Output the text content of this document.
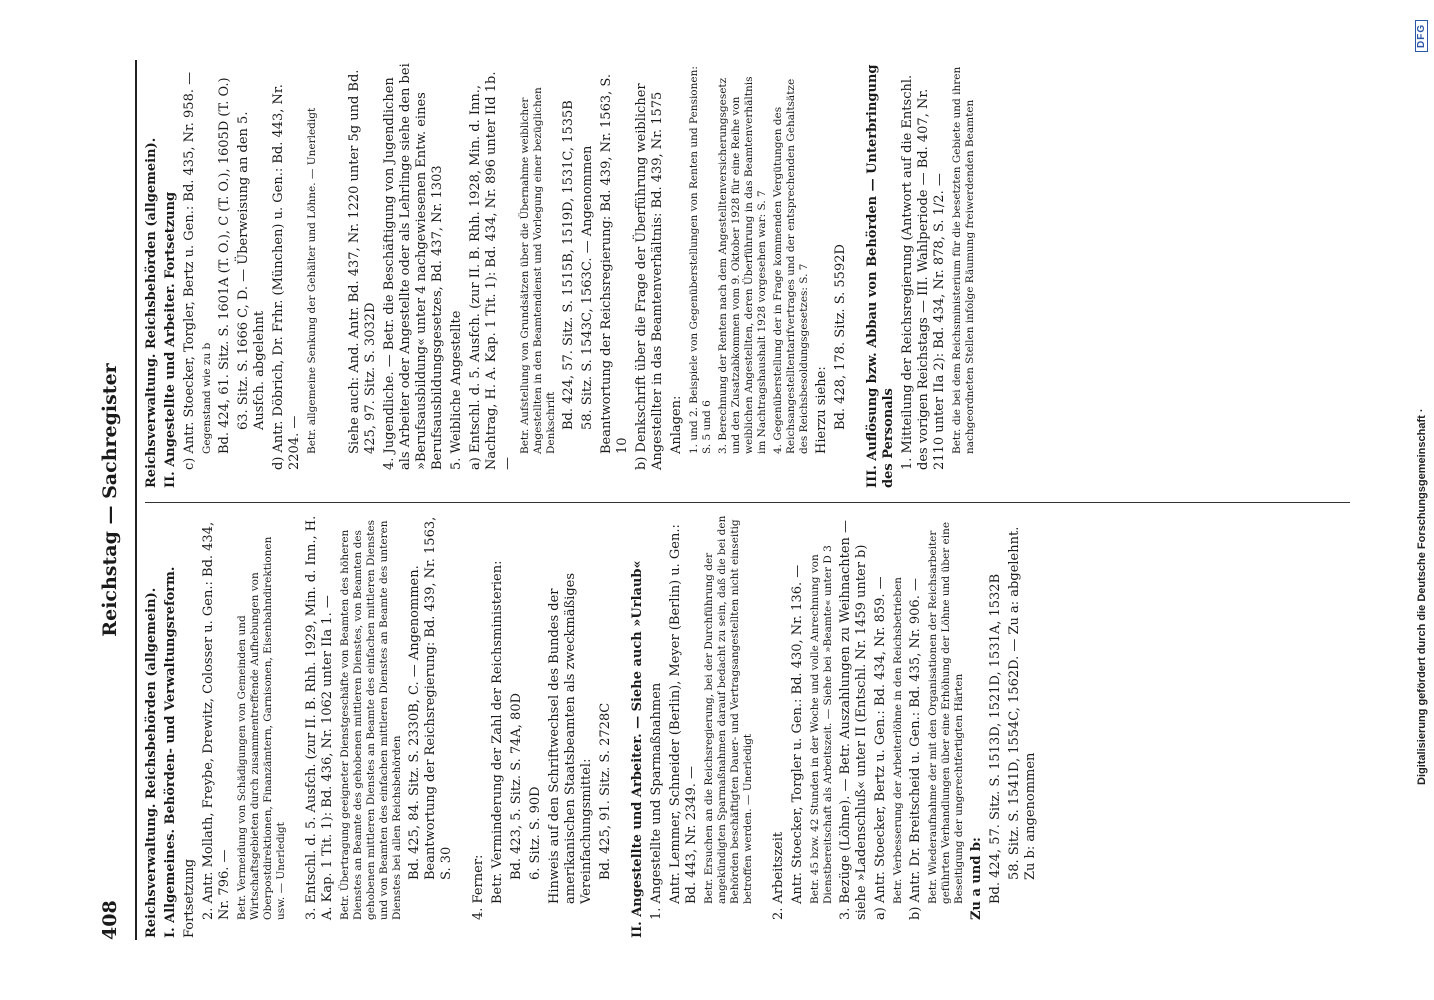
408
Reichstag — Sachregister

Reichsverwaltung. Reichsbehörden (allgemein). I. Allgemeines. Behörden- und Verwaltungsreform. Fortsetzung 2. Antr. Mollath, Freybe, Drewitz, Colosser u. Gen.: Bd. 434, Nr. 796. — Betr. Vermeidung von Schädigungen von Gemeinden und Wirtschaftsgebieten durch zusammentreffende Aufhebungen von Oberpostdirektionen, Finanzämtern, Garnisonen, Eisenbahndirektionen usw. — Unerledigt 3. Entschl. d. 5. Ausfch. (zur II. B. Rhh. 1929, Min. d. Inn., H. A. Kap. 1 Tit. 1): Bd. 436, Nr. 1062 unter IIa 1. — Betr. Übertragung geeigneter Dienstgeschäfte von Beamten des höheren Dienstes an Beamte des gehobenen mittleren Dienstes, von Beamten des gehobenen mittleren Dienstes an Beamte des einfachen mittleren Dienstes und von Beamten des einfachen mittleren Dienstes an Beamte des unteren Dienstes bei allen Reichsbehörden Bd. 425, 84. Sitz. S. 2330B, C. — Angenommen. Beantwortung der Reichsregierung: Bd. 439, Nr. 1563, S. 30 4. Ferner: Betr. Verminderung der Zahl der Reichsministerien: Bd. 423, 5. Sitz. S. 74A, 80D 6. Sitz. S. 90D Hinweis auf den Schriftwechsel des Bundes der amerikanischen Staatsbeamten als zweckmäßiges Vereinfachungsmittel: Bd. 425, 91. Sitz. S. 2728C II. Angestellte und Arbeiter. — Siehe auch »Urlaub« 1. Angestellte und Sparmaßnahmen Antr. Lemmer, Schneider (Berlin), Meyer (Berlin) u. Gen.: Bd. 443, Nr. 2349. — Betr. Ersuchen an die Reichsregierung, bei der Durchführung der angekündigten Sparmaßnahmen darauf bedacht zu sein, daß die bei den Behörden beschäftigten Dauer- und Vertragsangestellten nicht einseitig betroffen werden. — Unerledigt 2. Arbeitszeit Antr. Stoecker, Torgler u. Gen.: Bd. 430, Nr. 136. — Betr. 45 bzw. 42 Stunden in der Woche und volle Anrechnung von Dienstbereitschaft als Arbeitszeit. — Siehe bei »Beamte« unter D 3 3. Bezüge (Löhne). — Betr. Auszahlungen zu Weihnachten — siehe »Ladenschluß« unter II (Entschl. Nr. 1459 unter b) a) Antr. Stoecker, Bertz u. Gen.: Bd. 434, Nr. 859. — Betr. Verbesserung der Arbeiterlöhne in den Reichsbetrieben b) Antr. Dr. Breitscheid u. Gen.: Bd. 435, Nr. 906. — Betr. Wiederaufnahme der mit den Organisationen der Reichsarbeiter geführten Verhandlungen über eine Erhöhung der Löhne und über eine Beseitigung der ungerechtfertigten Härten Zu a und b: Bd. 424, 57. Sitz. S. 1513D, 1521D, 1531A, 1532B 58. Sitz. S. 1541D, 1554C, 1562D. — Zu a: abgelehnt. Zu b: angenommen

Reichsverwaltung. Reichsbehörden (allgemein). II. Angestellte und Arbeiter. Fortsetzung c) Antr. Stoecker, Torgler, Bertz u. Gen.: Bd. 435, Nr. 958. — Gegenstand wie zu b Bd. 424, 61. Sitz. S. 1601A (T. O.), C (T. O.), 1605D (T. O.) 63. Sitz. S. 1666 C, D. — Überweisung an den 5. Ausfch. abgelehnt d) Antr. Döbrich, Dr. Frhr. (München) u. Gen.: Bd. 443, Nr. 2204. — Betr. allgemeine Senkung der Gehälter und Löhne. — Unerledigt Siehe auch: And. Antr. Bd. 437, Nr. 1220 unter 5g und Bd. 425, 97. Sitz. S. 3032D 4. Jugendliche. — Betr. die Beschäftigung von Jugendlichen als Arbeiter oder Angestellte oder als Lehrlinge siehe den bei »Berufsausbildung« unter 4 nachgewiesenen Entw. eines Berufsausbildungsgesetzes, Bd. 437, Nr. 1303 5. Weibliche Angestellte a) Entschl. d. 5. Ausfch. (zur II. B. Rhh. 1928, Min. d. Inn., Nachtrag, H. A. Kap. 1 Tit. 1): Bd. 434, Nr. 896 unter IId 1b. —

Betr. Aufstellung von Grundsätzen über die Übernahme weiblicher Angestellten in den Beamtendienst und Vorlegung einer bezüglichen Denkschrift Bd. 424, 57. Sitz. S. 1515B, 1519D, 1531C, 1535B 58. Sitz. S. 1543C, 1563C. — Angenommen Beantwortung der Reichsregierung: Bd. 439, Nr. 1563, S. 10 b) Denkschrift über die Frage der Überführung weiblicher Angestellter in das Beamtenverhältnis: Bd. 439, Nr. 1575 Anlagen: 1. und 2. Beispiele von Gegenüberstellungen von Renten und Pensionen: S. 5 und 6 3. Berechnung der Renten nach dem Angestelltenversicherungsgesetz und den Zusatzabkommen vom 9. Oktober 1928 für eine Reihe von weiblichen Angestellten, deren Überführung in das Beamtenverhältnis im Nachtragshaushalt 1928 vorgesehen war: S. 7 4. Gegenüberstellung der in Frage kommenden Vergütungen des Reichsangestelltentarifvertrages und der entsprechenden Gehaltsätze des Reichsbesoldungsgesetzes: S. 7 Hierzu siehe: Bd. 428, 178. Sitz. S. 5592D III. Auflösung bzw. Abbau von Behörden — Unterbringung des Personals 1. Mitteilung der Reichsregierung (Antwort auf die Entschl. des vorigen Reichstags — III. Wahlperiode — Bd. 407, Nr. 2110 unter IIa 2): Bd. 434, Nr. 878, S. 1/2. — Betr. die bei dem Reichsministerium für die besetzten Gebiete und ihren nachgeordneten Stellen infolge Räumung freiwerdenden Beamten

Digitalisierung gefördert durch die Deutsche Forschungsgemeinschaft ·
DFG
